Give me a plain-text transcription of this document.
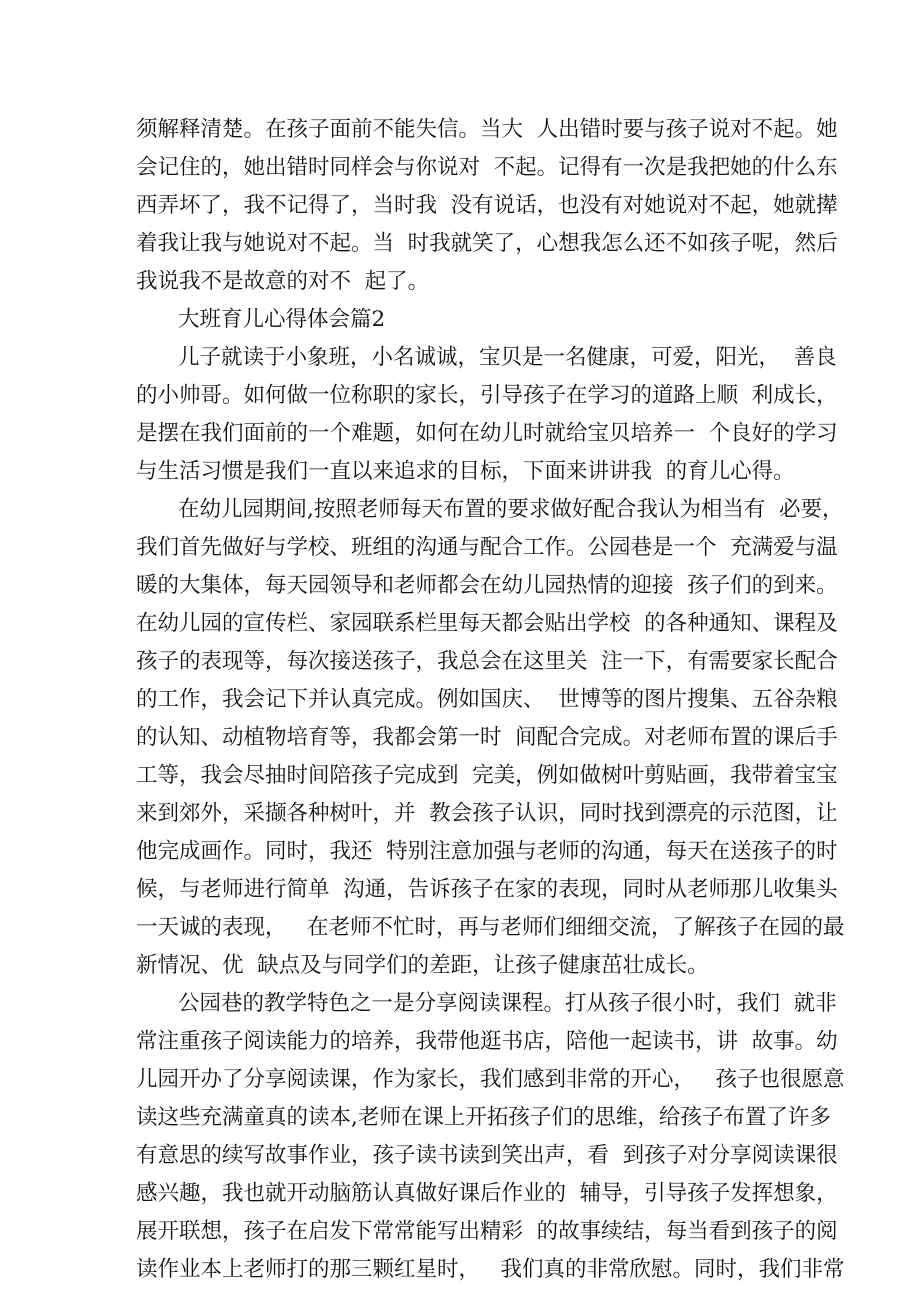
须解释清楚。在孩子面前不能失信。当大  人出错时要与孩子说对不起。她
会记住的，她出错时同样会与你说对  不起。记得有一次是我把她的什么东
西弄坏了，我不记得了，当时我  没有说话，也没有对她说对不起，她就撵
着我让我与她说对不起。当  时我就笑了，心想我怎么还不如孩子呢，然后
我说我不是故意的对不  起了。
大班育儿心得体会篇2
儿子就读于小象班，小名诚诚，宝贝是一名健康，可爱，阳光，  善良
的小帅哥。如何做一位称职的家长，引导孩子在学习的道路上顺  利成长，
是摆在我们面前的一个难题，如何在幼儿时就给宝贝培养一  个良好的学习
与生活习惯是我们一直以来追求的目标，下面来讲讲我  的育儿心得。
在幼儿园期间,按照老师每天布置的要求做好配合我认为相当有  必要，
我们首先做好与学校、班组的沟通与配合工作。公园巷是一个  充满爱与温
暖的大集体，每天园领导和老师都会在幼儿园热情的迎接  孩子们的到来。
在幼儿园的宣传栏、家园联系栏里每天都会贴出学校  的各种通知、课程及
孩子的表现等，每次接送孩子，我总会在这里关  注一下，有需要家长配合
的工作，我会记下并认真完成。例如国庆、  世博等的图片搜集、五谷杂粮
的认知、动植物培育等，我都会第一时  间配合完成。对老师布置的课后手
工等，我会尽抽时间陪孩子完成到  完美，例如做树叶剪贴画，我带着宝宝
来到郊外，采撷各种树叶，并  教会孩子认识，同时找到漂亮的示范图，让
他完成画作。同时，我还  特别注意加强与老师的沟通，每天在送孩子的时
候，与老师进行简单  沟通，告诉孩子在家的表现，同时从老师那儿收集头
一天诚的表现，   在老师不忙时，再与老师们细细交流，了解孩子在园的最
新情况、优  缺点及与同学们的差距，让孩子健康茁壮成长。
公园巷的教学特色之一是分享阅读课程。打从孩子很小时，我们  就非
常注重孩子阅读能力的培养，我带他逛书店，陪他一起读书，讲  故事。幼
儿园开办了分享阅读课，作为家长，我们感到非常的开心，   孩子也很愿意
读这些充满童真的读本,老师在课上开拓孩子们的思维，给孩子布置了许多
有意思的续写故事作业，孩子读书读到笑出声，看  到孩子对分享阅读课很
感兴趣，我也就开动脑筋认真做好课后作业的  辅导，引导孩子发挥想象，
展开联想，孩子在启发下常常能写出精彩  的故事续结，每当看到孩子的阅
读作业本上老师打的那三颗红星时，   我们真的非常欣慰。同时，我们非常
